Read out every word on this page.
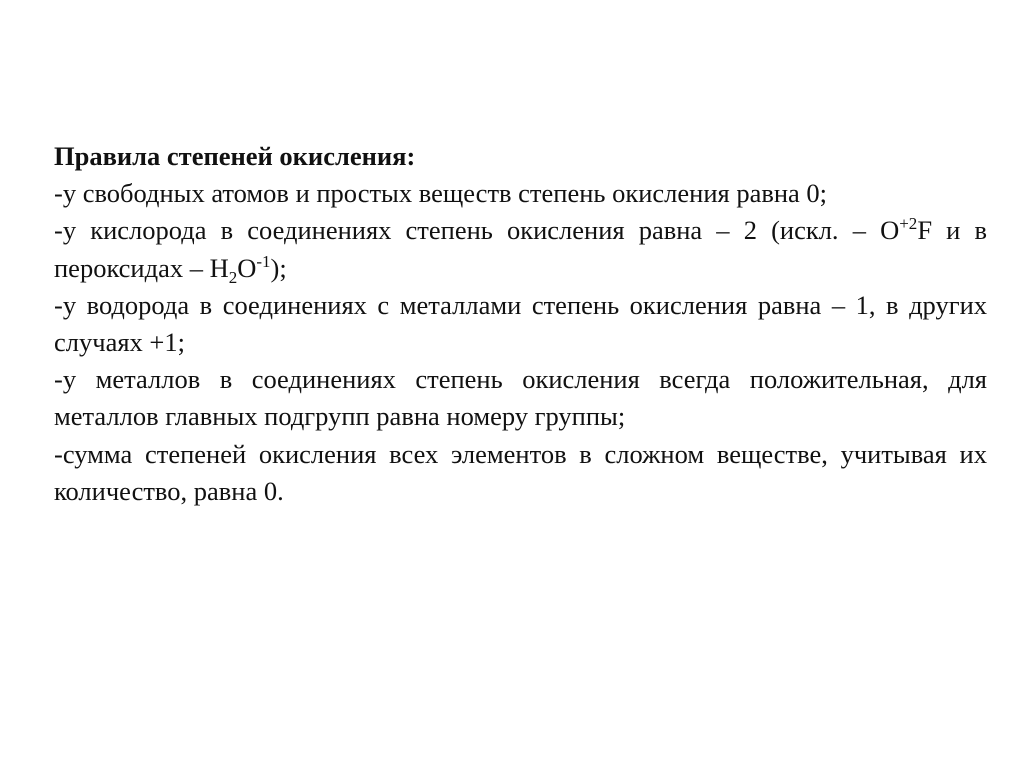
Правила степеней окисления:
-у свободных атомов и простых веществ степень окисления равна 0;
-у кислорода в соединениях степень окисления равна – 2 (искл. – $O^{+2}F$ и в пероксидах – $H_2O^{-1}$);
-у водорода в соединениях с металлами степень окисления равна – 1, в других случаях +1;
-у металлов в соединениях степень окисления всегда положительная, для металлов главных подгрупп равна номеру группы;
-сумма степеней окисления всех элементов в сложном веществе, учитывая их количество, равна 0.
